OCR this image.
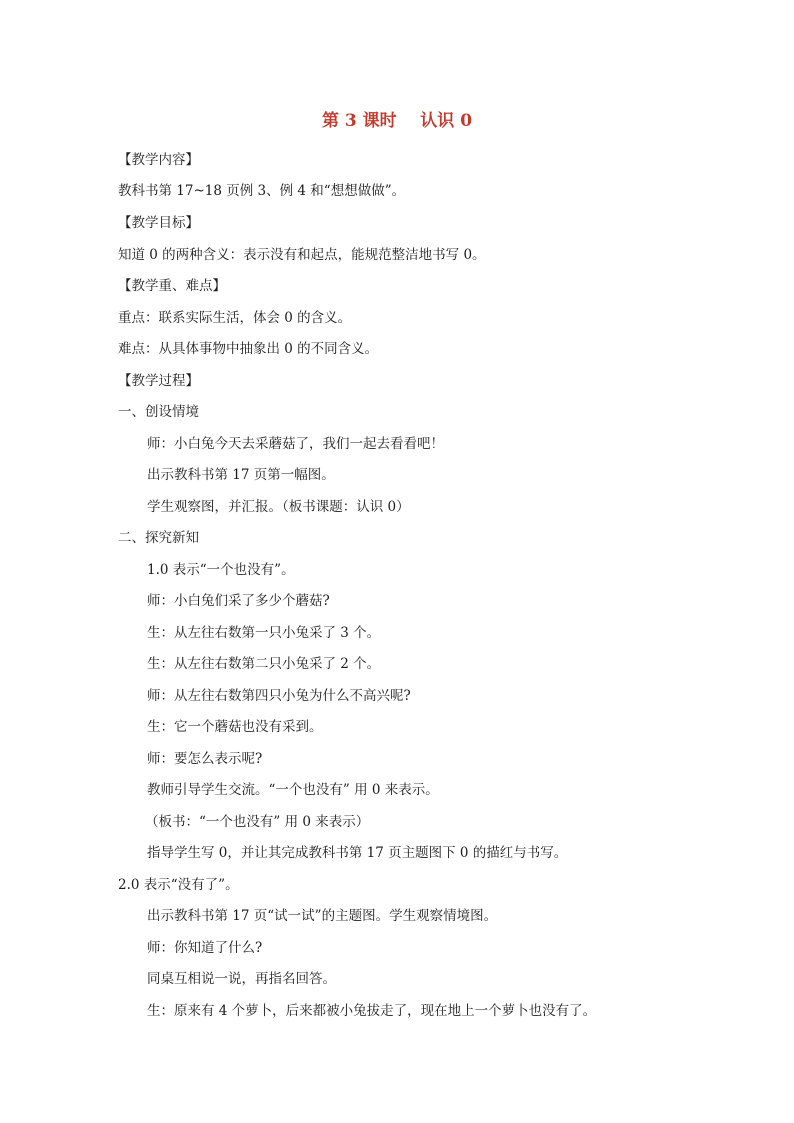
第 3 课时    认识 0
【教学内容】
教科书第 17~18 页例 3、例 4 和“想想做做”。
【教学目标】
知道 0 的两种含义：表示没有和起点，能规范整洁地书写 0。
【教学重、难点】
重点：联系实际生活，体会 0 的含义。
难点：从具体事物中抽象出 0 的不同含义。
【教学过程】
一、创设情境
师：小白兔今天去采蘑菇了，我们一起去看看吧！
出示教科书第 17 页第一幅图。
学生观察图，并汇报。（板书课题：认识 0）
二、探究新知
1.0 表示“一个也没有”。
师：小白兔们采了多少个蘑菇?
生：从左往右数第一只小兔采了 3 个。
生：从左往右数第二只小兔采了 2 个。
师：从左往右数第四只小兔为什么不高兴呢?
生：它一个蘑菇也没有采到。
师：要怎么表示呢?
教师引导学生交流。“一个也没有” 用 0 来表示。
（板书：“一个也没有” 用 0 来表示）
指导学生写 0，并让其完成教科书第 17 页主题图下 0 的描红与书写。
2.0 表示“没有了”。
出示教科书第 17 页“试一试”的主题图。学生观察情境图。
师：你知道了什么?
同桌互相说一说，再指名回答。
生：原来有 4 个萝卜，后来都被小兔拔走了，现在地上一个萝卜也没有了。
